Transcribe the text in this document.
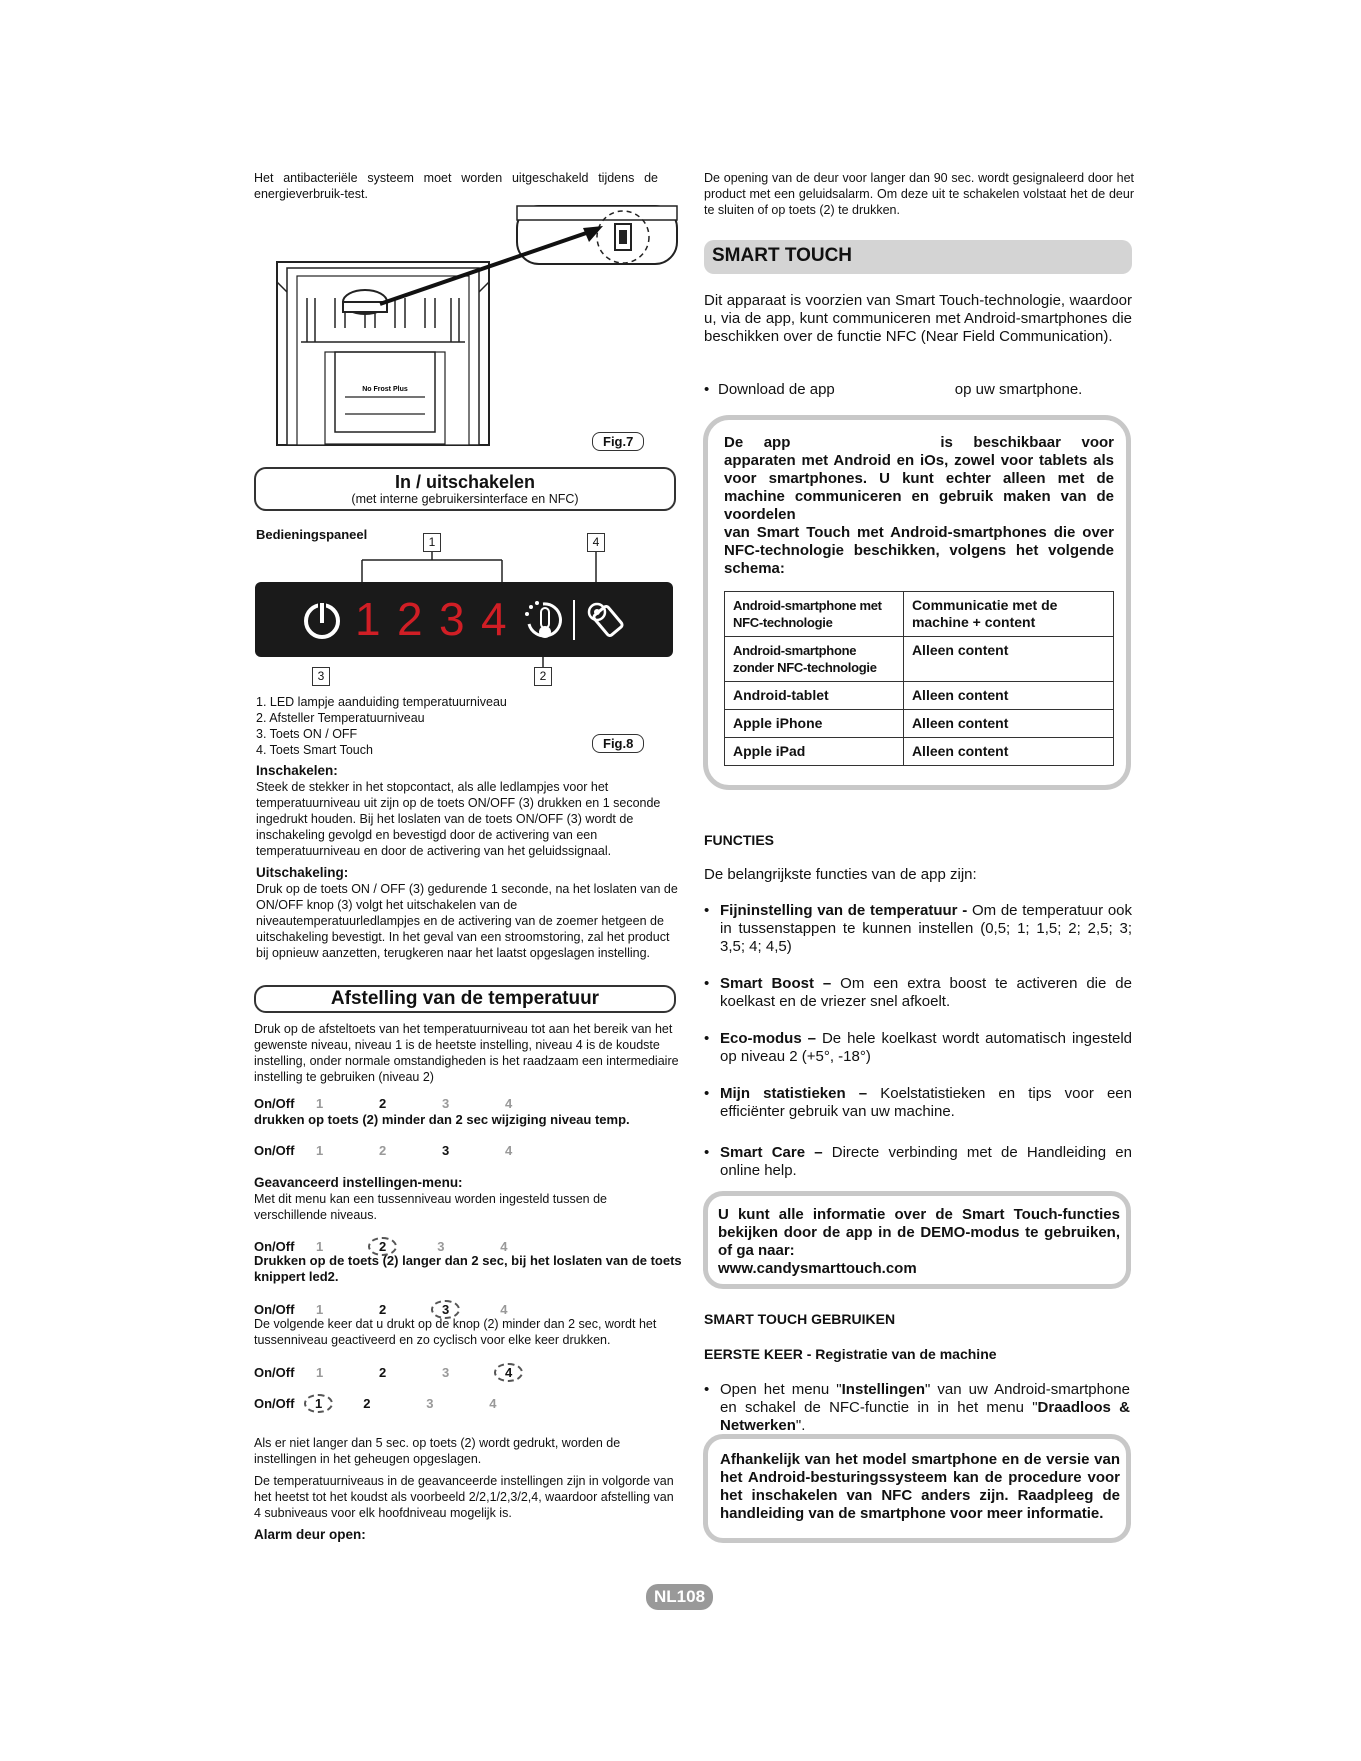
Het antibacteriële systeem moet worden uitgeschakeld tijdens de energieverbruik-test.
No Frost Plus
Fig.7
In / uitschakelen
(met interne gebruikersinterface en NFC)
Bedieningspaneel	1	4
1 2 3 4
3	2
1. LED lampje aanduiding temperatuurniveau
2. Afsteller Temperatuurniveau
3. Toets ON / OFF
4. Toets Smart Touch	Fig.8
Inschakelen:
Steek de stekker in het stopcontact, als alle ledlampjes voor het temperatuurniveau uit zijn op de toets ON/OFF (3) drukken en 1 seconde ingedrukt houden. Bij het loslaten van de toets ON/OFF (3) wordt de inschakeling gevolgd en bevestigd door de activering van een temperatuurniveau en door de activering van het geluidssignaal.
Uitschakeling:
Druk op de toets ON / OFF (3) gedurende 1 seconde, na het loslaten van de ON/OFF knop (3) volgt het uitschakelen van de niveautemperatuurledlampjes en de activering van de zoemer hetgeen de uitschakeling bevestigt. In het geval van een stroomstoring, zal het product bij opnieuw aanzetten, terugkeren naar het laatst opgeslagen instelling.
Afstelling van de temperatuur
Druk op de afsteltoets van het temperatuurniveau tot aan het bereik van het gewenste niveau, niveau 1 is de heetste instelling, niveau 4 is de koudste instelling, onder normale omstandigheden is het raadzaam een intermediaire instelling te gebruiken (niveau 2)
On/Off 1	2	3	4
drukken op toets (2) minder dan 2 sec wijziging niveau temp.
On/Off 1	2	3	4
Geavanceerd instellingen-menu:
Met dit menu kan een tussenniveau worden ingesteld tussen de verschillende niveaus.
On/Off 1	2	3	4
Drukken op de toets (2) langer dan 2 sec, bij het loslaten van de toets knippert led2.
On/Off 1	2	3	4
De volgende keer dat u drukt op de knop (2) minder dan 2 sec, wordt het tussenniveau geactiveerd en zo cyclisch voor elke keer drukken.
On/Off 1	2	3	4
On/Off 1	2	3	4
Als er niet langer dan 5 sec. op toets (2) wordt gedrukt, worden de instellingen in het geheugen opgeslagen.
De temperatuurniveaus in de geavanceerde instellingen zijn in volgorde van het heetst tot het koudst als voorbeeld 2/2,1/2,3/2,4, waardoor afstelling van 4 subniveaus voor elk hoofdniveau mogelijk is.
Alarm deur open:
De opening van de deur voor langer dan 90 sec. wordt gesignaleerd door het product met een geluidsalarm. Om deze uit te schakelen volstaat het de deur te sluiten of op toets (2) te drukken.
SMART TOUCH
Dit apparaat is voorzien van Smart Touch-technologie, waardoor u, via de app, kunt communiceren met Android-smartphones die beschikken over de functie NFC (Near Field Communication).
• Download de app	op uw smartphone.
De app	is beschikbaar voor apparaten met Android en iOs, zowel voor tablets als voor smartphones. U kunt echter alleen met de machine communiceren en gebruik maken van de voordelen
van Smart Touch met Android-smartphones die over NFC-technologie beschikken, volgens het volgende schema:
Android-smartphone met NFC-technologie	Communicatie met de machine + content
Android-smartphone zonder NFC-technologie	Alleen content
Android-tablet	Alleen content
Apple iPhone	Alleen content
Apple iPad	Alleen content
FUNCTIES
De belangrijkste functies van de app zijn:
• Fijninstelling van de temperatuur - Om de temperatuur ook in tussenstappen te kunnen instellen (0,5; 1; 1,5; 2; 2,5; 3; 3,5; 4; 4,5)
• Smart Boost – Om een extra boost te activeren die de koelkast en de vriezer snel afkoelt.
• Eco-modus – De hele koelkast wordt automatisch ingesteld op niveau 2 (+5°, -18°)
• Mijn statistieken – Koelstatistieken en tips voor een efficiënter gebruik van uw machine.
• Smart Care – Directe verbinding met de Handleiding en online help.
U kunt alle informatie over de Smart Touch-functies bekijken door de app in de DEMO-modus te gebruiken, of ga naar:
www.candysmarttouch.com
SMART TOUCH GEBRUIKEN
EERSTE KEER - Registratie van de machine
• Open het menu "Instellingen" van uw Android-smartphone en schakel de NFC-functie in in het menu "Draadloos & Netwerken".
Afhankelijk van het model smartphone en de versie van het Android-besturingssysteem kan de procedure voor het inschakelen van NFC anders zijn. Raadpleeg de handleiding van de smartphone voor meer informatie.
NL108
